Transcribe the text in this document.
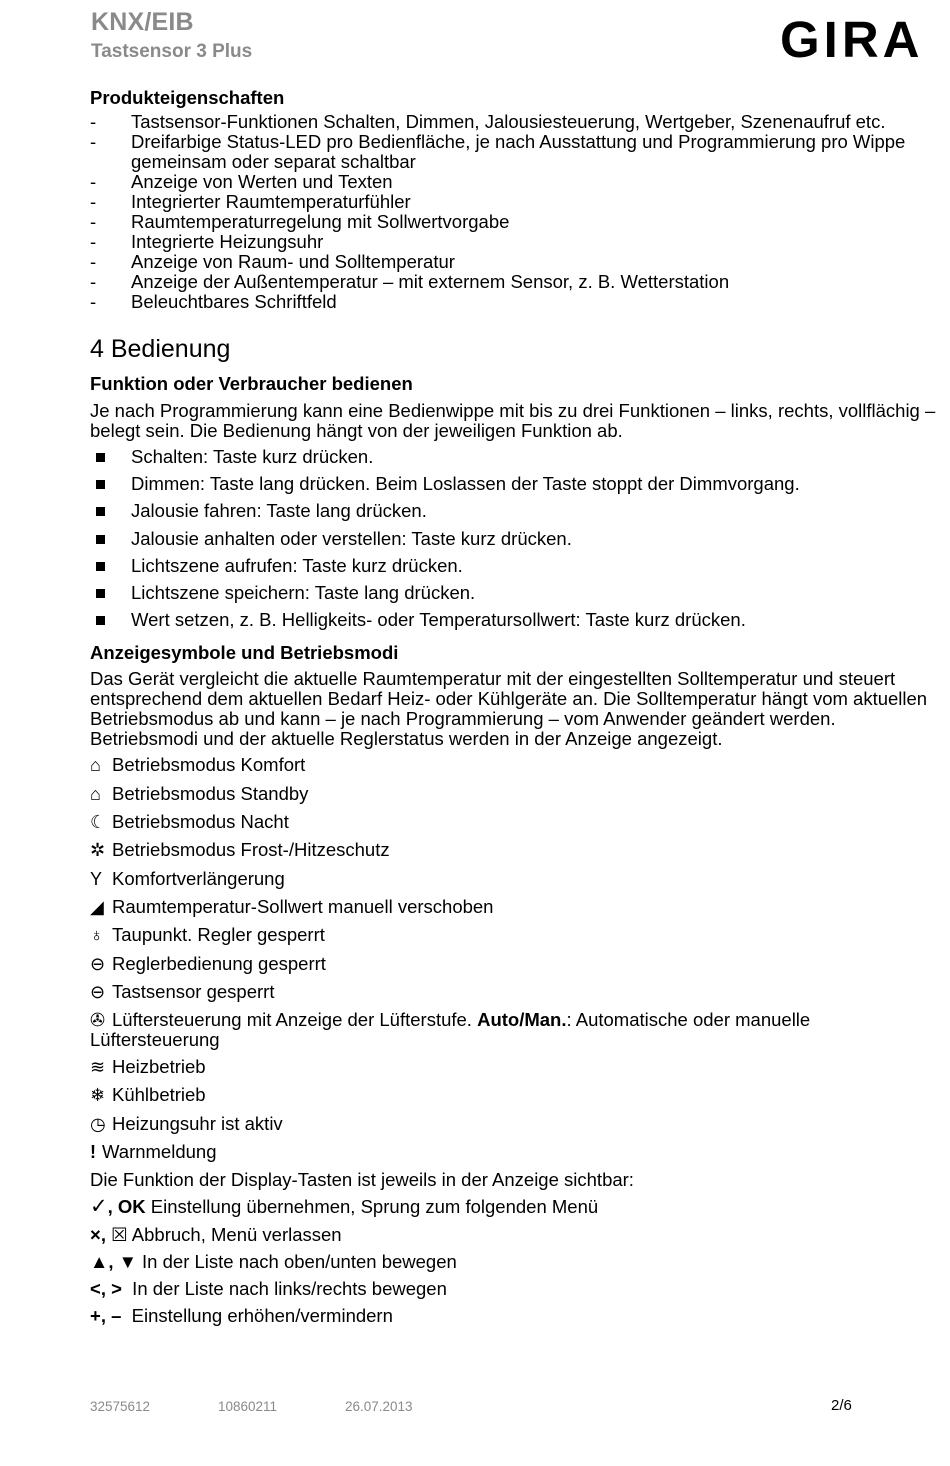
KNX/EIB
Tastsensor 3 Plus	GIRA
Produkteigenschaften
- Tastsensor-Funktionen Schalten, Dimmen, Jalousiesteuerung, Wertgeber, Szenenaufruf etc.
- Dreifarbige Status-LED pro Bedienfläche, je nach Ausstattung und Programmierung pro Wippe gemeinsam oder separat schaltbar
- Anzeige von Werten und Texten
- Integrierter Raumtemperaturfühler
- Raumtemperaturregelung mit Sollwertvorgabe
- Integrierte Heizungsuhr
- Anzeige von Raum- und Solltemperatur
- Anzeige der Außentemperatur – mit externem Sensor, z. B. Wetterstation
- Beleuchtbares Schriftfeld
4 Bedienung
Funktion oder Verbraucher bedienen

Je nach Programmierung kann eine Bedienwippe mit bis zu drei Funktionen – links, rechts, vollflächig – belegt sein. Die Bedienung hängt von der jeweiligen Funktion ab.

Schalten: Taste kurz drücken.
Dimmen: Taste lang drücken. Beim Loslassen der Taste stoppt der Dimmvorgang.
Jalousie fahren: Taste lang drücken.
Jalousie anhalten oder verstellen: Taste kurz drücken.
Lichtszene aufrufen: Taste kurz drücken.
Lichtszene speichern: Taste lang drücken.
Wert setzen, z. B. Helligkeits- oder Temperatursollwert: Taste kurz drücken.
Anzeigesymbole und Betriebsmodi

Das Gerät vergleicht die aktuelle Raumtemperatur mit der eingestellten Solltemperatur und steuert entsprechend dem aktuellen Bedarf Heiz- oder Kühlgeräte an. Die Solltemperatur hängt vom aktuellen Betriebsmodus ab und kann – je nach Programmierung – vom Anwender geändert werden. Betriebsmodi und der aktuelle Reglerstatus werden in der Anzeige angezeigt.

⌂ Betriebsmodus Komfort
⌂ Betriebsmodus Standby
☾ Betriebsmodus Nacht
✲ Betriebsmodus Frost-/Hitzeschutz
Y Komfortverlängerung
◢ Raumtemperatur-Sollwert manuell verschoben
♁ Taupunkt. Regler gesperrt
⊖ Reglerbedienung gesperrt
⊖ Tastsensor gesperrt
✇ Lüftersteuerung mit Anzeige der Lüfterstufe. Auto/Man.: Automatische oder manuelle Lüftersteuerung
≋ Heizbetrieb
❄ Kühlbetrieb
◷ Heizungsuhr ist aktiv
! Warnmeldung

Die Funktion der Display-Tasten ist jeweils in der Anzeige sichtbar:

✓, OK Einstellung übernehmen, Sprung zum folgenden Menü
×, ☒ Abbruch, Menü verlassen
▲, ▼ In der Liste nach oben/unten bewegen
<, >  In der Liste nach links/rechts bewegen
+, –  Einstellung erhöhen/vermindern
32575612	10860211	26.07.2013	2/6
